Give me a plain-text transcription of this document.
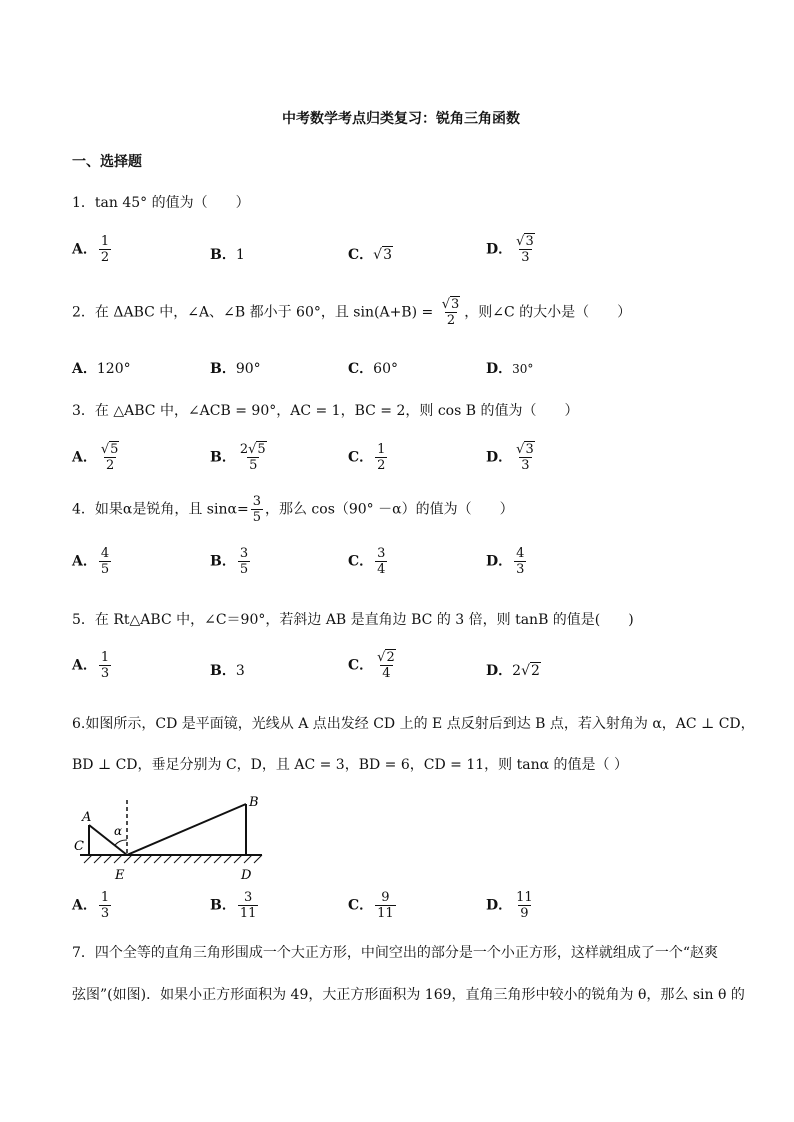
中考数学考点归类复习：锐角三角函数
一、选择题
1．tan 45° 的值为（　　）
A． $\frac{1}{2}$	B．1	C．√3	D． $\frac{√3}{3}$
2．在 ΔABC 中，∠A、∠B 都小于 60°，且 $\sin(A+B) = \frac{√3}{2}$ ，则∠C 的大小是（　　）
A．120°	B．90°	C．60°	D．30°
3．在 △ABC 中，∠ACB = 90°，AC = 1，BC = 2，则 cos B 的值为（　　）
A． $\frac{√5}{2}$	B． $\frac{2√5}{5}$	C． $\frac{1}{2}$	D． $\frac{√3}{3}$
4．如果α是锐角，且 $\sin\alpha= \frac{3}{5}$ ，那么 cos（90° －α）的值为（　　）
A． $\frac{4}{5}$	B． $\frac{3}{5}$	C． $\frac{3}{4}$	D． $\frac{4}{3}$
5．在 Rt△ABC 中，∠C＝90°，若斜边 AB 是直角边 BC 的 3 倍，则 tanB 的值是(　　)
A． $\frac{1}{3}$	B．3	C． $\frac{√2}{4}$	D．2√2
6.如图所示，CD 是平面镜，光线从 A 点出发经 CD 上的 E 点反射后到达 B 点，若入射角为 α，AC ⊥ CD，
BD ⊥ CD，垂足分别为 C，D，且 AC = 3，BD = 6，CD = 11，则 tanα 的值是（ ）
A
B
C
D
E
α
A． $\frac{1}{3}$	B． $\frac{3}{11}$	C． $\frac{9}{11}$	D． $\frac{11}{9}$
7．四个全等的直角三角形围成一个大正方形，中间空出的部分是一个小正方形，这样就组成了一个“赵爽
弦图”(如图)．如果小正方形面积为 49，大正方形面积为 169，直角三角形中较小的锐角为 θ，那么 sin θ 的
